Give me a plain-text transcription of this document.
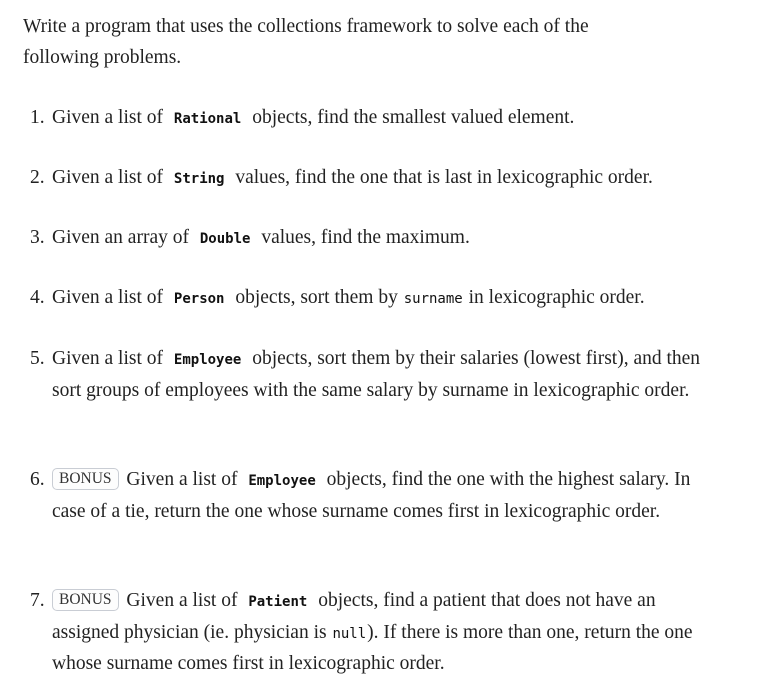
Write a program that uses the collections framework to solve each of the following problems.

1. Given a list of Rational objects, find the smallest valued element.
2. Given a list of String values, find the one that is last in lexicographic order.
3. Given an array of Double values, find the maximum.
4. Given a list of Person objects, sort them by surname in lexicographic order.
5. Given a list of Employee objects, sort them by their salaries (lowest first), and then sort groups of employees with the same salary by surname in lexicographic order.
6. BONUS Given a list of Employee objects, find the one with the highest salary. In case of a tie, return the one whose surname comes first in lexicographic order.
7. BONUS Given a list of Patient objects, find a patient that does not have an assigned physician (ie. physician is null). If there is more than one, return the one whose surname comes first in lexicographic order.
